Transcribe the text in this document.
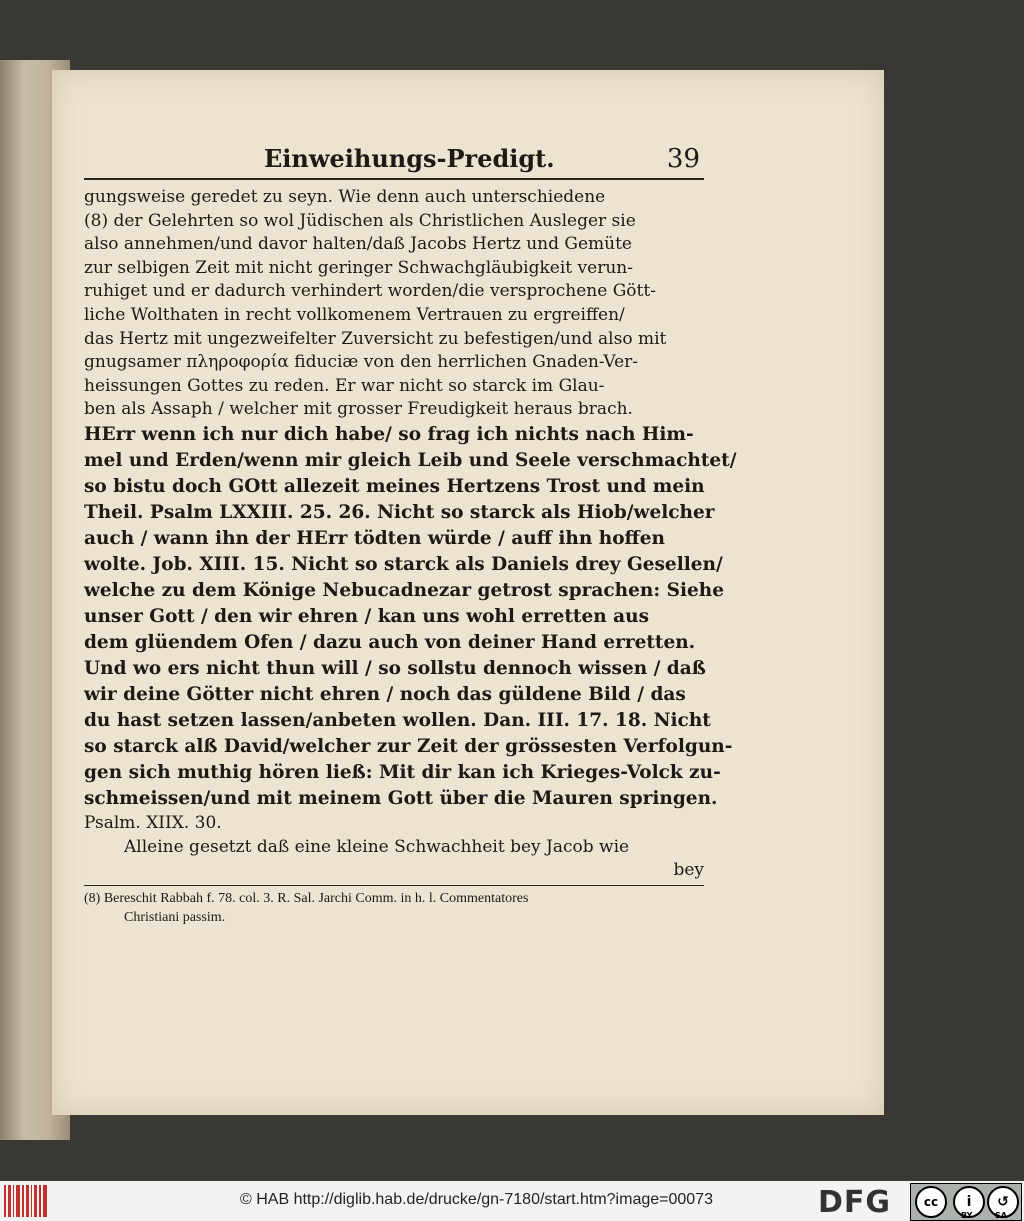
Einweihungs-Predigt.	39
gungsweise geredet zu seyn. Wie denn auch unterschiedene
(8) der Gelehrten so wol Jüdischen als Christlichen Ausleger sie
also annehmen/und davor halten/daß Jacobs Hertz und Gemüte
zur selbigen Zeit mit nicht geringer Schwachgläubigkeit verun-
ruhiget und er dadurch verhindert worden/die versprochene Gött-
liche Wolthaten in recht vollkomenem Vertrauen zu ergreiffen/
das Hertz mit ungezweifelter Zuversicht zu befestigen/und also mit
gnugsamer πληροφορία fiduciæ von den herrlichen Gnaden-Ver-
heissungen Gottes zu reden. Er war nicht so starck im Glau-
ben als Assaph / welcher mit grosser Freudigkeit heraus brach.
HErr wenn ich nur dich habe/ so frag ich nichts nach Him-
mel und Erden/wenn mir gleich Leib und Seele verschmachtet/
so bistu doch GOtt allezeit meines Hertzens Trost und mein
Theil. Psalm LXXIII. 25. 26. Nicht so starck als Hiob/welcher
auch / wann ihn der HErr tödten würde / auff ihn hoffen
wolte. Job. XIII. 15. Nicht so starck als Daniels drey Gesellen/
welche zu dem Könige Nebucadnezar getrost sprachen: Siehe
unser Gott / den wir ehren / kan uns wohl erretten aus
dem glüendem Ofen / dazu auch von deiner Hand erretten.
Und wo ers nicht thun will / so sollstu dennoch wissen / daß
wir deine Götter nicht ehren / noch das güldene Bild / das
du hast setzen lassen/anbeten wollen. Dan. III. 17. 18. Nicht
so starck alß David/welcher zur Zeit der grössesten Verfolgun-
gen sich muthig hören ließ: Mit dir kan ich Krieges-Volck zu-
schmeissen/und mit meinem Gott über die Mauren springen.
Psalm. XIIX. 30.
Alleine gesetzt daß eine kleine Schwachheit bey Jacob wie
bey
(8) Bereschit Rabbah f. 78. col. 3. R. Sal. Jarchi Comm. in h. l. Commentatores
Christiani passim.
© HAB http://diglib.hab.de/drucke/gn-7180/start.htm?image=00073	DFG	cc	i	↺
BY	SA
